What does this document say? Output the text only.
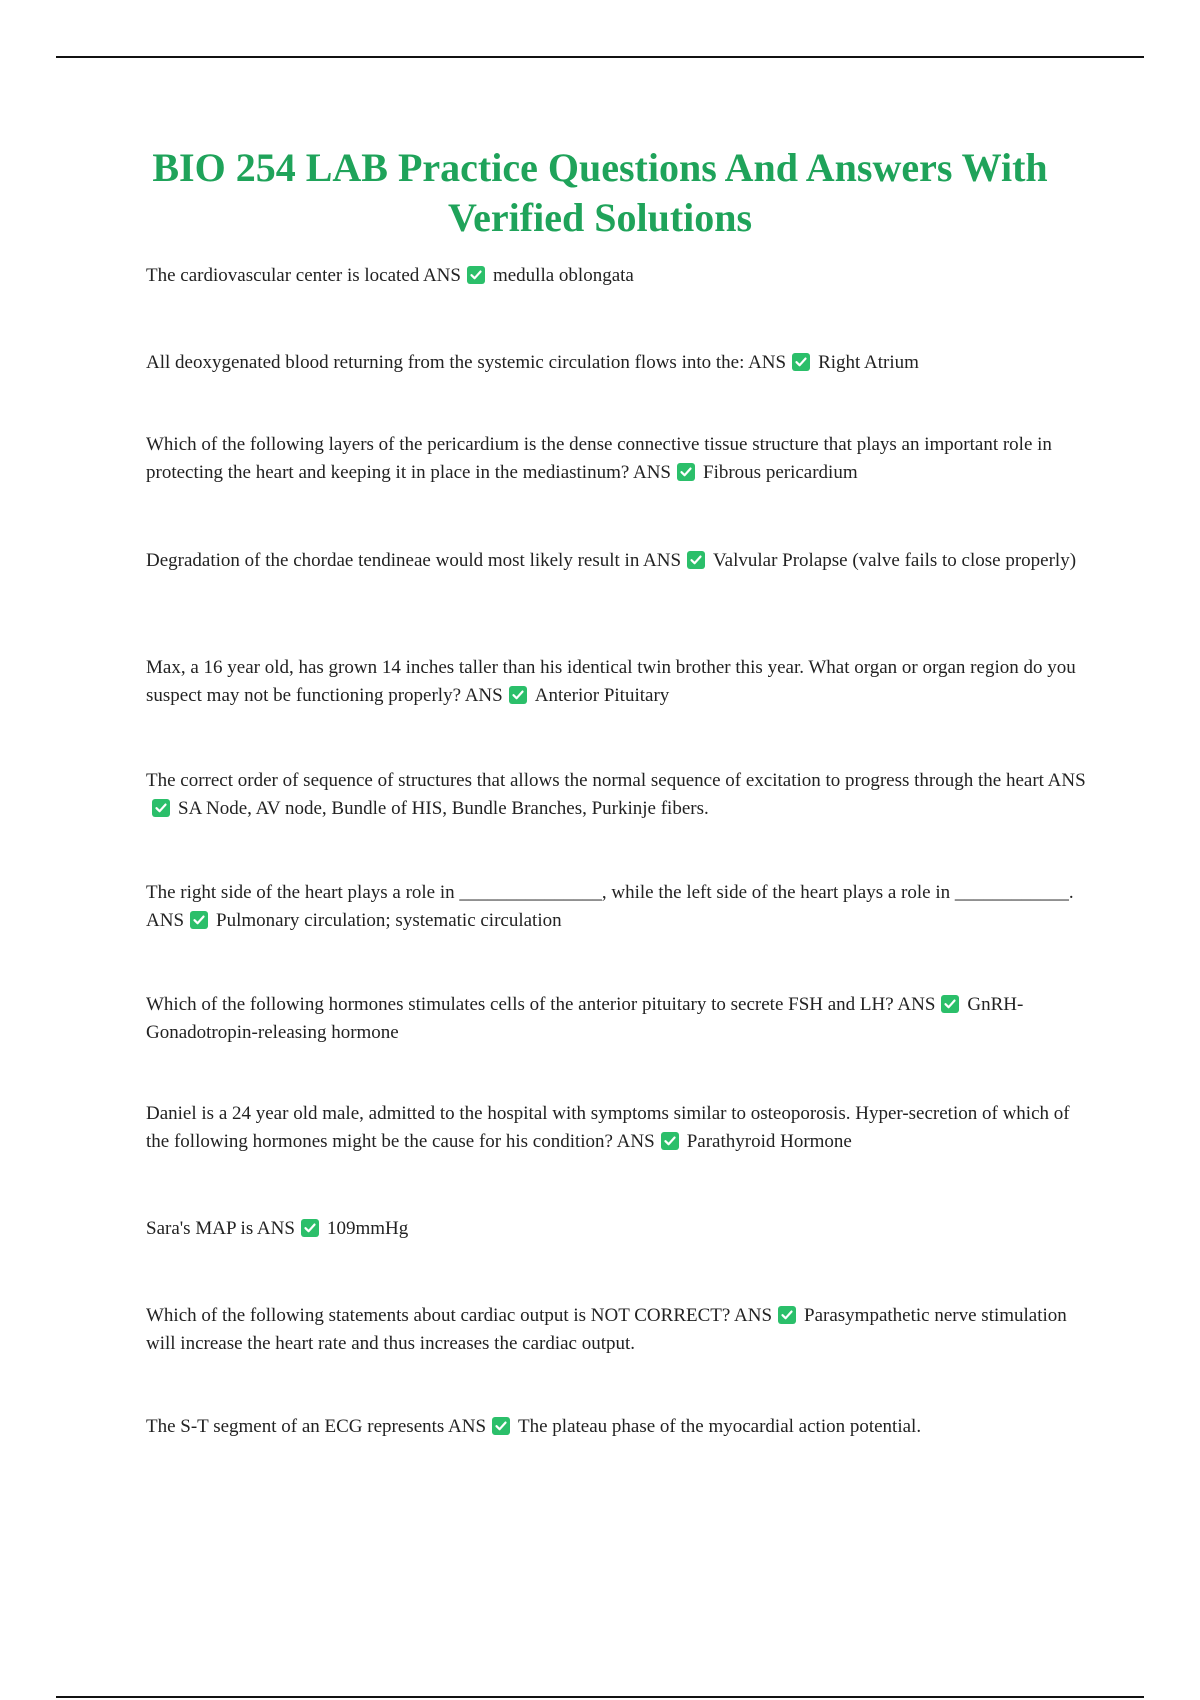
BIO 254 LAB Practice Questions And Answers With Verified Solutions

The cardiovascular center is located ANS medulla oblongata

All deoxygenated blood returning from the systemic circulation flows into the: ANS Right Atrium

Which of the following layers of the pericardium is the dense connective tissue structure that plays an important role in protecting the heart and keeping it in place in the mediastinum? ANS Fibrous pericardium

Degradation of the chordae tendineae would most likely result in ANS Valvular Prolapse (valve fails to close properly)

Max, a 16 year old, has grown 14 inches taller than his identical twin brother this year. What organ or organ region do you suspect may not be functioning properly? ANS Anterior Pituitary

The correct order of sequence of structures that allows the normal sequence of excitation to progress through the heart ANS
SA Node, AV node, Bundle of HIS, Bundle Branches, Purkinje fibers.

The right side of the heart plays a role in _______________, while the left side of the heart plays a role in ____________. ANS Pulmonary circulation; systematic circulation

Which of the following hormones stimulates cells of the anterior pituitary to secrete FSH and LH? ANS GnRH- Gonadotropin-releasing hormone

Daniel is a 24 year old male, admitted to the hospital with symptoms similar to osteoporosis. Hyper-secretion of which of the following hormones might be the cause for his condition? ANS Parathyroid Hormone

Sara's MAP is ANS 109mmHg

Which of the following statements about cardiac output is NOT CORRECT? ANS Parasympathetic nerve stimulation will increase the heart rate and thus increases the cardiac output.

The S-T segment of an ECG represents ANS The plateau phase of the myocardial action potential.
